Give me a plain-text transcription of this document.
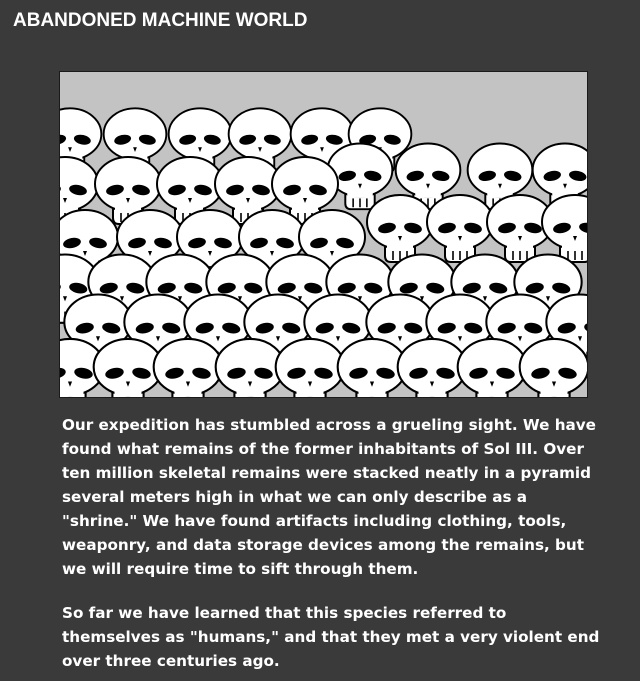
ABANDONED MACHINE WORLD

Our expedition has stumbled across a grueling sight. We have found what remains of the former inhabitants of Sol III. Over ten million skeletal remains were stacked neatly in a pyramid several meters high in what we can only describe as a "shrine." We have found artifacts including clothing, tools, weaponry, and data storage devices among the remains, but we will require time to sift through them.

So far we have learned that this species referred to themselves as "humans," and that they met a very violent end over three centuries ago.
